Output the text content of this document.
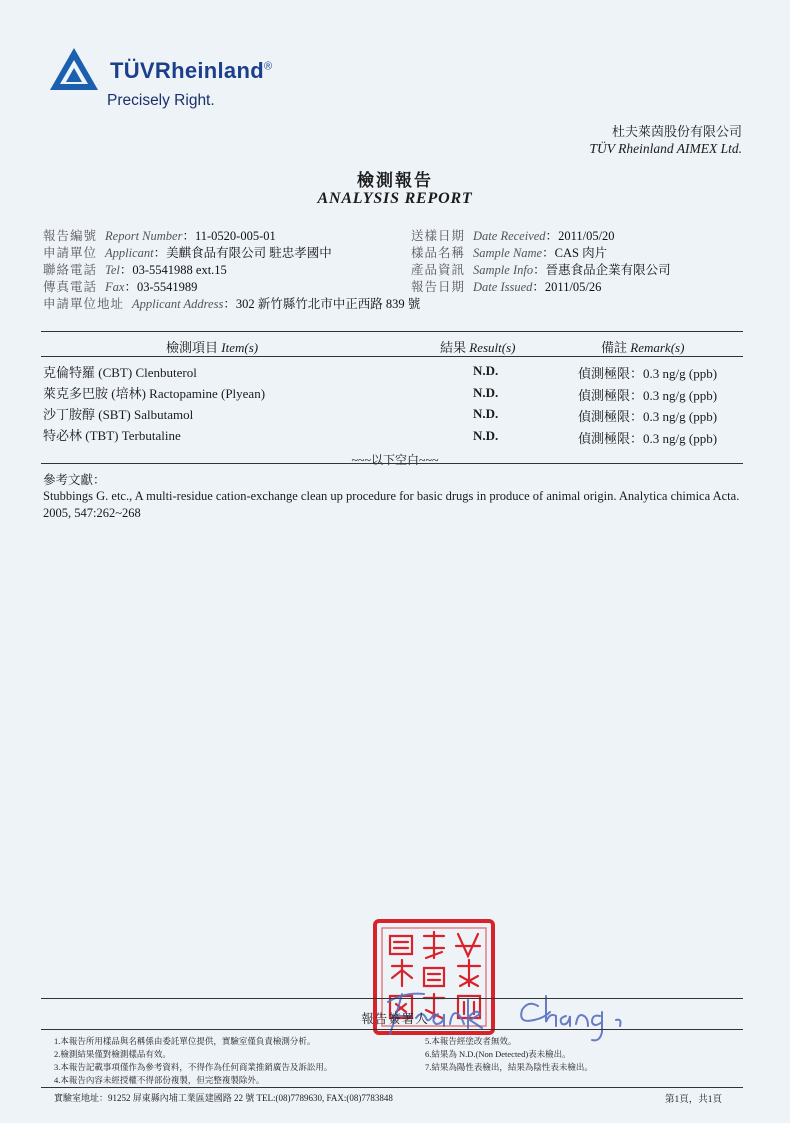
TÜVRheinland®
Precisely Right.
杜夫萊茵股份有限公司
TÜV Rheinland AIMEX Ltd.
檢測報告
ANALYSIS REPORT
報告編號 Report Number：11-0520-005-01
申請單位 Applicant：美麒食品有限公司 駐忠孝國中
聯絡電話 Tel：03-5541988 ext.15
傳真電話 Fax：03-5541989
申請單位地址 Applicant Address：302 新竹縣竹北市中正西路 839 號
送樣日期 Date Received：2011/05/20
樣品名稱 Sample Name：CAS 肉片
產品資訊 Sample Info：晉惠食品企業有限公司
報告日期 Date Issued：2011/05/26
檢測項目 Item(s)	結果 Result(s)	備註 Remark(s)
克倫特羅 (CBT) Clenbuterol	N.D.	偵測極限：0.3 ng/g (ppb)
萊克多巴胺 (培林) Ractopamine (Plyean)	N.D.	偵測極限：0.3 ng/g (ppb)
沙丁胺醇 (SBT) Salbutamol	N.D.	偵測極限：0.3 ng/g (ppb)
特必林 (TBT) Terbutaline	N.D.	偵測極限：0.3 ng/g (ppb)
~~~以下空白~~~
參考文獻：
Stubbings G. etc., A multi-residue cation-exchange clean up procedure for basic drugs in produce of animal origin. Analytica chimica Acta. 2005, 547:262~268
報告簽署人
1.本報告所用樣品與名稱係由委託單位提供，實驗室僅負責檢測分析。
2.檢測結果僅對檢測樣品有效。
3.本報告記載事項僅作為參考資料，不得作為任何商業推銷廣告及訴訟用。
4.本報告內容未經授權不得部份複製，但完整複製除外。
5.本報告經塗改者無效。
6.結果為 N.D.(Non Detected)表未檢出。
7.結果為陽性表檢出，結果為陰性表未檢出。
實驗室地址：91252 屏東縣內埔工業區建國路 22 號 TEL:(08)7789630, FAX:(08)7783848	第1頁，共1頁
